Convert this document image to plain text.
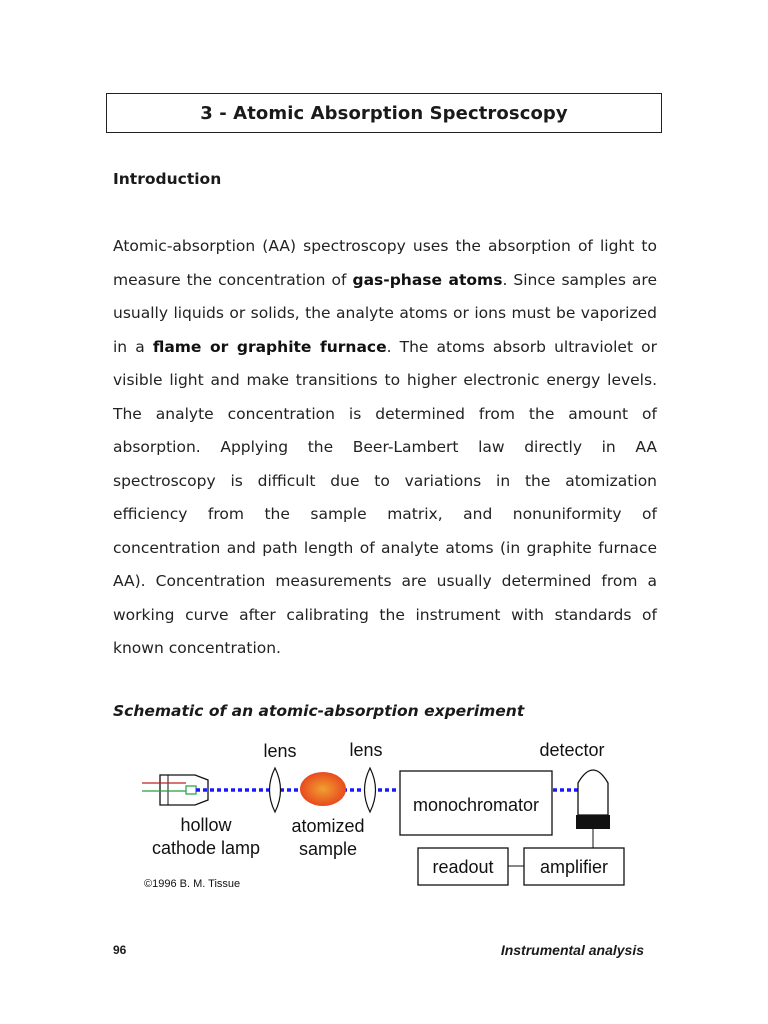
3 - Atomic Absorption Spectroscopy
Introduction
Atomic-absorption (AA) spectroscopy uses the absorption of light to measure the concentration of gas-phase atoms. Since samples are usually liquids or solids, the analyte atoms or ions must be vaporized in a flame or graphite furnace. The atoms absorb ultraviolet or visible light and make transitions to higher electronic energy levels. The analyte concentration is determined from the amount of absorption. Applying the Beer-Lambert law directly in AA spectroscopy is difficult due to variations in the atomization efficiency from the sample matrix, and nonuniformity of concentration and path length of analyte atoms (in graphite furnace AA). Concentration measurements are usually determined from a working curve after calibrating the instrument with standards of known concentration.
Schematic of an atomic-absorption experiment
monochromator
readout	amplifier
lens	lens	detector
hollow
cathode lamp
atomized
sample
©1996 B. M. Tissue
96	Instrumental analysis
